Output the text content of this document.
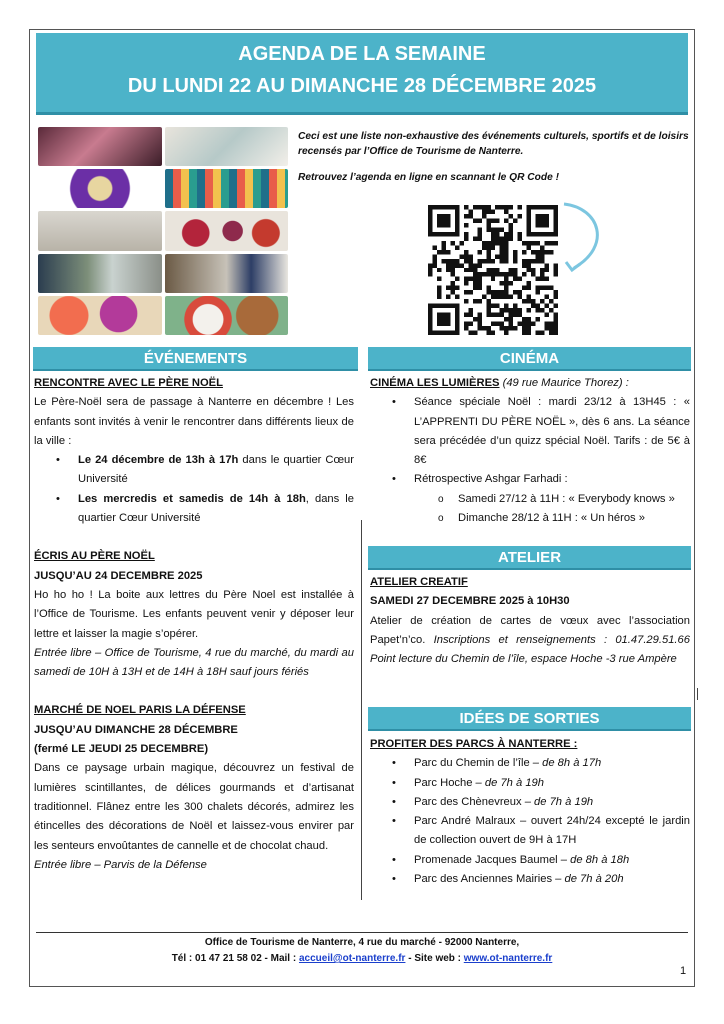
AGENDA DE LA SEMAINE
DU LUNDI 22 AU DIMANCHE 28 DÉCEMBRE 2025

Ceci est une liste non-exhaustive des événements culturels, sportifs et de loisirs recensés par l’Office de Tourisme de Nanterre.

Retrouvez l’agenda en ligne en scannant le QR Code !

ÉVÉNEMENTS
RENCONTRE AVEC LE PÈRE NOËL

Le Père-Noël sera de passage à Nanterre en décembre ! Les enfants sont invités à venir le rencontrer dans différents lieux de la ville :

• Le 24 décembre de 13h à 17h dans le quartier Cœur Université
• Les mercredis et samedis de 14h à 18h, dans le quartier Cœur Université
ÉCRIS AU PÈRE NOËL
JUSQU’AU 24 DECEMBRE 2025

Ho ho ho ! La boite aux lettres du Père Noel est installée à l’Office de Tourisme. Les enfants peuvent venir y déposer leur lettre et laisser la magie s’opérer.

Entrée libre – Office de Tourisme, 4 rue du marché, du mardi au samedi de 10H à 13H et de 14H à 18H sauf jours fériés

MARCHÉ DE NOEL PARIS LA DÉFENSE
JUSQU’AU DIMANCHE 28 DÉCEMBRE
(fermé LE JEUDI 25 DECEMBRE)

Dans ce paysage urbain magique, découvrez un festival de lumières scintillantes, de délices gourmands et d’artisanat traditionnel. Flânez entre les 300 chalets décorés, admirez les étincelles des décorations de Noël et laissez-vous envirer par les senteurs envoûtantes de cannelle et de chocolat chaud.

Entrée libre – Parvis de la Défense

CINÉMA
CINÉMA LES LUMIÈRES (49 rue Maurice Thorez) :
• Séance spéciale Noël : mardi 23/12 à 13H45 : « L’APPRENTI DU PÈRE NOËL », dès 6 ans. La séance sera précédée d’un quizz spécial Noël. Tarifs : de 5€ à 8€
• Rétrospective Ashgar Farhadi :
o Samedi 27/12 à 11H : « Everybody knows »
o Dimanche 28/12 à 11H : « Un héros »
ATELIER
ATELIER CREATIF
SAMEDI 27 DECEMBRE 2025 à 10H30

Atelier de création de cartes de vœux avec l’association Papet’n’co. Inscriptions et renseignements : 01.47.29.51.66 Point lecture du Chemin de l’île, espace Hoche -3 rue Ampère

IDÉES DE SORTIES
PROFITER DES PARCS À NANTERRE :
• Parc du Chemin de l’île – de 8h à 17h
• Parc Hoche – de 7h à 19h
• Parc des Chènevreux – de 7h à 19h
• Parc André Malraux – ouvert 24h/24 excepté le jardin de collection ouvert de 9H à 17H
• Promenade Jacques Baumel – de 8h à 18h
• Parc des Anciennes Mairies – de 7h à 20h
Office de Tourisme de Nanterre, 4 rue du marché - 92000 Nanterre,
Tél : 01 47 21 58 02 - Mail : accueil@ot-nanterre.fr - Site web : www.ot-nanterre.fr
1
